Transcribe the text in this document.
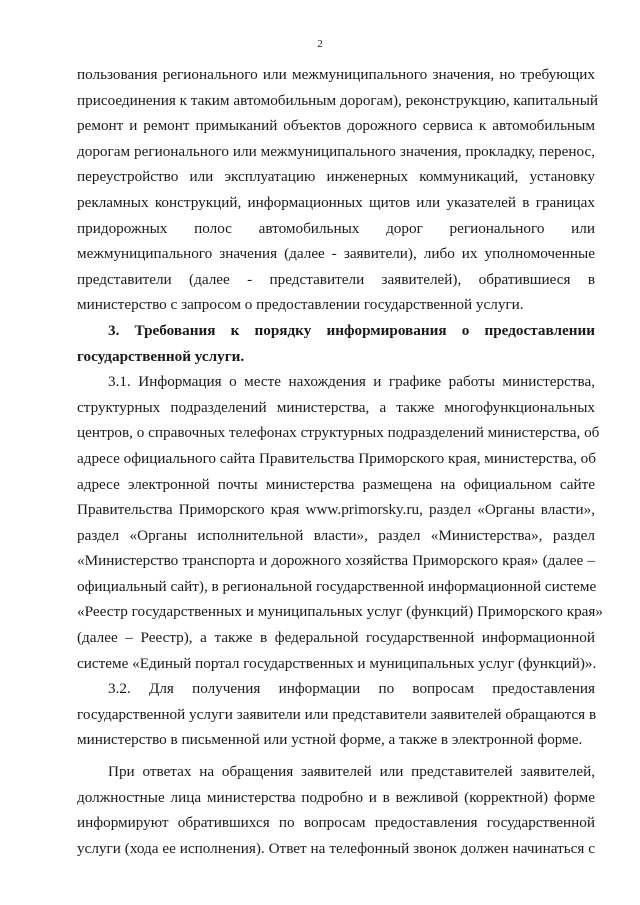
2
пользования регионального или межмуниципального значения, но требующих
присоединения к таким автомобильным дорогам), реконструкцию, капитальный
ремонт и ремонт примыканий объектов дорожного сервиса к автомобильным
дорогам регионального или межмуниципального значения, прокладку, перенос,
переустройство или эксплуатацию инженерных коммуникаций, установку
рекламных конструкций, информационных щитов или указателей в границах
придорожных полос автомобильных дорог регионального или
межмуниципального значения (далее - заявители), либо их уполномоченные
представители (далее - представители заявителей), обратившиеся в
министерство с запросом о предоставлении государственной услуги.
3. Требования к порядку информирования о предоставлении
государственной услуги.
3.1. Информация о месте нахождения и графике работы министерства,
структурных подразделений министерства, а также многофункциональных
центров, о справочных телефонах структурных подразделений министерства, об
адресе официального сайта Правительства Приморского края, министерства, об
адресе электронной почты министерства размещена на официальном сайте
Правительства Приморского края www.primorsky.ru, раздел «Органы власти»,
раздел «Органы исполнительной власти», раздел «Министерства», раздел
«Министерство транспорта и дорожного хозяйства Приморского края» (далее –
официальный сайт), в региональной государственной информационной системе
«Реестр государственных и муниципальных услуг (функций) Приморского края»
(далее – Реестр), а также в федеральной государственной информационной
системе «Единый портал государственных и муниципальных услуг (функций)».
3.2. Для получения информации по вопросам предоставления
государственной услуги заявители или представители заявителей обращаются в
министерство в письменной или устной форме, а также в электронной форме.
При ответах на обращения заявителей или представителей заявителей,
должностные лица министерства подробно и в вежливой (корректной) форме
информируют обратившихся по вопросам предоставления государственной
услуги (хода ее исполнения). Ответ на телефонный звонок должен начинаться с
